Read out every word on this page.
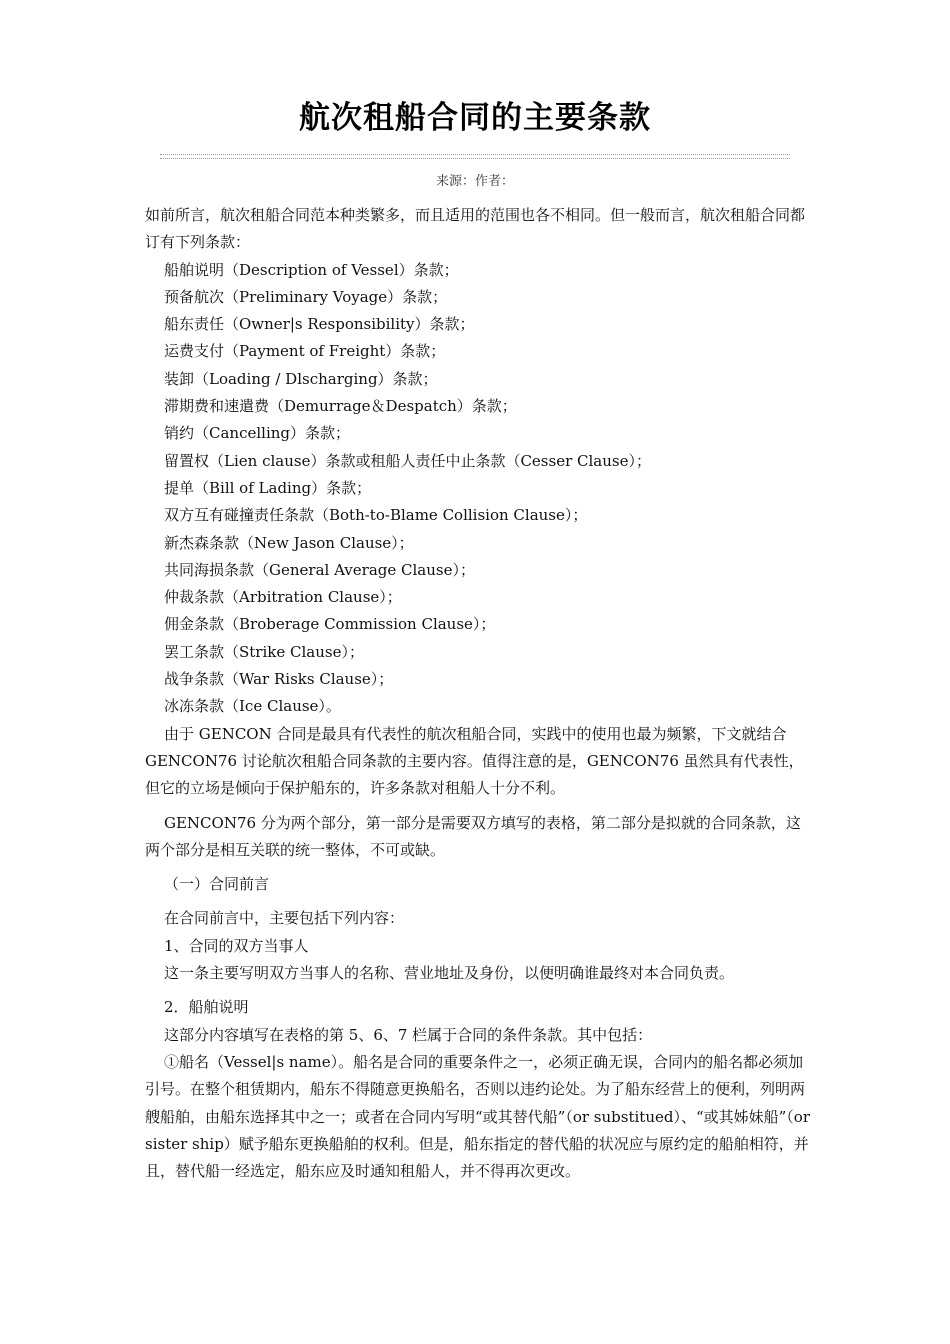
航次租船合同的主要条款
来源：作者：

如前所言，航次租船合同范本种类繁多，而且适用的范围也各不相同。但一般而言，航次租船合同都订有下列条款：

船舶说明（Description of Vessel）条款；

预备航次（Preliminary Voyage）条款；

船东责任（Owner|s Responsibility）条款；

运费支付（Payment of Freight）条款；

装卸（Loading / Dlscharging）条款；

滞期费和速遣费（Demurrage＆Despatch）条款；

销约（Cancelling）条款；

留置权（Lien clause）条款或租船人责任中止条款（Cesser Clause）；

提单（Bill of Lading）条款；

双方互有碰撞责任条款（Both-to-Blame Collision Clause）；

新杰森条款（New Jason Clause）；

共同海损条款（General Average Clause）；

仲裁条款（Arbitration Clause）；

佣金条款（Broberage Commission Clause）；

罢工条款（Strike Clause）；

战争条款（War Risks Clause）；

冰冻条款（Ice Clause）。

由于 GENCON 合同是最具有代表性的航次租船合同，实践中的使用也最为频繁，下文就结合 GENCON76 讨论航次租船合同条款的主要内容。值得注意的是，GENCON76 虽然具有代表性，但它的立场是倾向于保护船东的，许多条款对租船人十分不利。

GENCON76 分为两个部分，第一部分是需要双方填写的表格，第二部分是拟就的合同条款，这两个部分是相互关联的统一整体，不可或缺。

（一）合同前言

在合同前言中，主要包括下列内容：

1、合同的双方当事人

这一条主要写明双方当事人的名称、营业地址及身份，以便明确谁最终对本合同负责。

2．船舶说明

这部分内容填写在表格的第 5、6、7 栏属于合同的条件条款。其中包括：

①船名（Vessel|s name）。船名是合同的重要条件之一，必须正确无误，合同内的船名都必须加引号。在整个租赁期内，船东不得随意更换船名，否则以违约论处。为了船东经营上的便利，列明两艘船舶，由船东选择其中之一；或者在合同内写明“或其替代船”（or substitued）、“或其姊妹船”（or sister ship）赋予船东更换船舶的权利。但是，船东指定的替代船的状况应与原约定的船舶相符，并且，替代船一经选定，船东应及时通知租船人，并不得再次更改。
